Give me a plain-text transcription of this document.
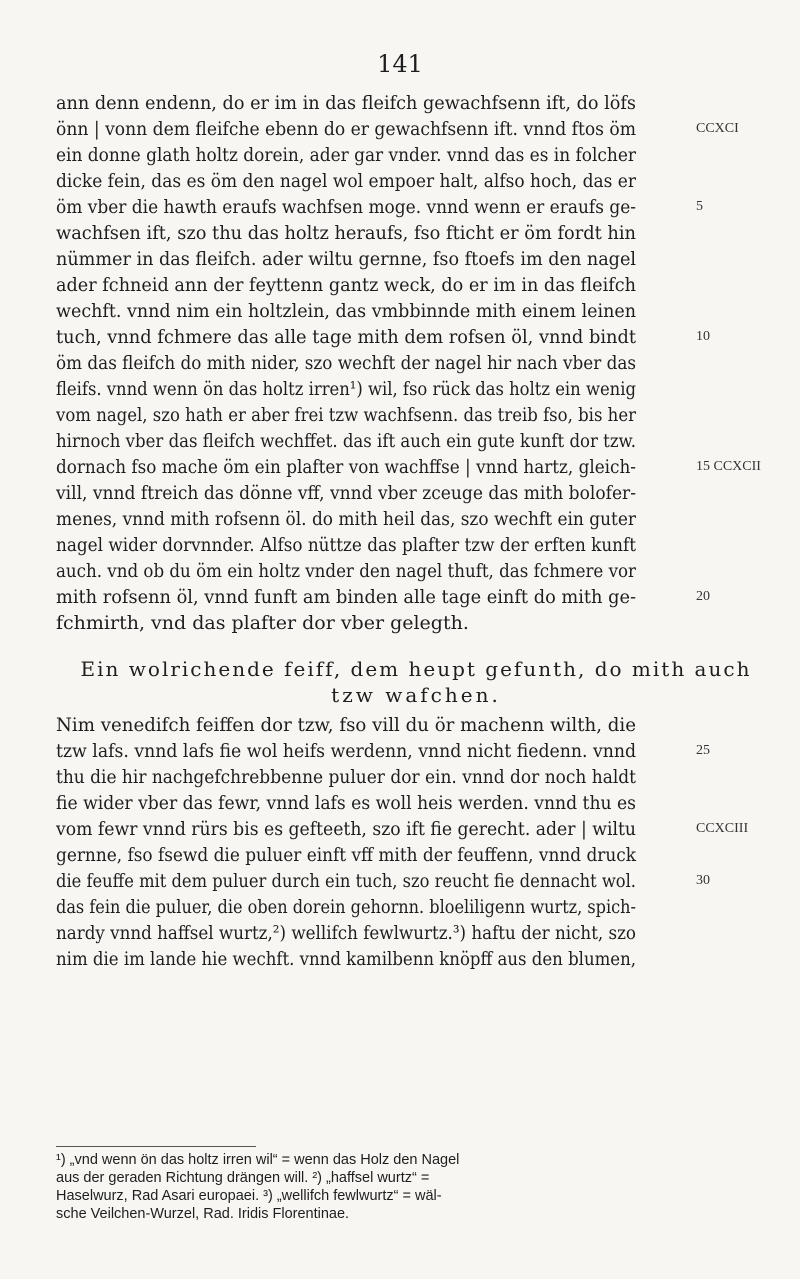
141
ann denn endenn, do er im in das fleifch gewachfsenn ift, do löfs
önn | vonn dem fleifche ebenn do er gewachfsenn ift. vnnd ftos öm	CCXCI
ein donne glath holtz dorein, ader gar vnder. vnnd das es in folcher
dicke fein, das es öm den nagel wol empoer halt, alfso hoch, das er
öm vber die hawth eraufs wachfsen moge. vnnd wenn er eraufs ge-	5
wachfsen ift, szo thu das holtz heraufs, fso fticht er öm fordt hin
nümmer in das fleifch. ader wiltu gernne, fso ftoefs im den nagel
ader fchneid ann der feyttenn gantz weck, do er im in das fleifch
wechft. vnnd nim ein holtzlein, das vmbbinnde mith einem leinen
tuch, vnnd fchmere das alle tage mith dem rofsen öl, vnnd bindt	10
öm das fleifch do mith nider, szo wechft der nagel hir nach vber das
fleifs. vnnd wenn ön das holtz irren¹) wil, fso rück das holtz ein wenig
vom nagel, szo hath er aber frei tzw wachfsenn. das treib fso, bis her
hirnoch vber das fleifch wechffet. das ift auch ein gute kunft dor tzw.
dornach fso mache öm ein plafter von wachffse | vnnd hartz, gleich-	15 CCXCII
vill, vnnd ftreich das dönne vff, vnnd vber zceuge das mith bolofer-
menes, vnnd mith rofsenn öl. do mith heil das, szo wechft ein guter
nagel wider dorvnnder. Alfso nüttze das plafter tzw der erften kunft
auch. vnd ob du öm ein holtz vnder den nagel thuft, das fchmere vor
mith rofsenn öl, vnnd funft am binden alle tage einft do mith ge-	20
fchmirth, vnd das plafter dor vber gelegth.
Ein wolrichende feiff, dem heupt gefunth, do mith auch
tzw wafchen.
Nim venedifch feiffen dor tzw, fso vill du ör machenn wilth, die
tzw lafs. vnnd lafs fie wol heifs werdenn, vnnd nicht fiedenn. vnnd	25
thu die hir nachgefchrebbenne puluer dor ein. vnnd dor noch haldt
fie wider vber das fewr, vnnd lafs es woll heis werden. vnnd thu es
vom fewr vnnd rürs bis es gefteeth, szo ift fie gerecht. ader | wiltu	CCXCIII
gernne, fso fsewd die puluer einft vff mith der feuffenn, vnnd druck
die feuffe mit dem puluer durch ein tuch, szo reucht fie dennacht wol.	30
das fein die puluer, die oben dorein gehornn. bloeliligenn wurtz, spich-
nardy vnnd haffsel wurtz,²) wellifch fewlwurtz.³) haftu der nicht, szo
nim die im lande hie wechft. vnnd kamilbenn knöpff aus den blumen,
¹) „vnd wenn ön das holtz irren wil“ = wenn das Holz den Nagel
aus der geraden Richtung drängen will. ²) „haffsel wurtz“ =
Haselwurz, Rad Asari europaei. ³) „wellifch fewlwurtz“ = wäl-
sche Veilchen-Wurzel, Rad. Iridis Florentinae.
